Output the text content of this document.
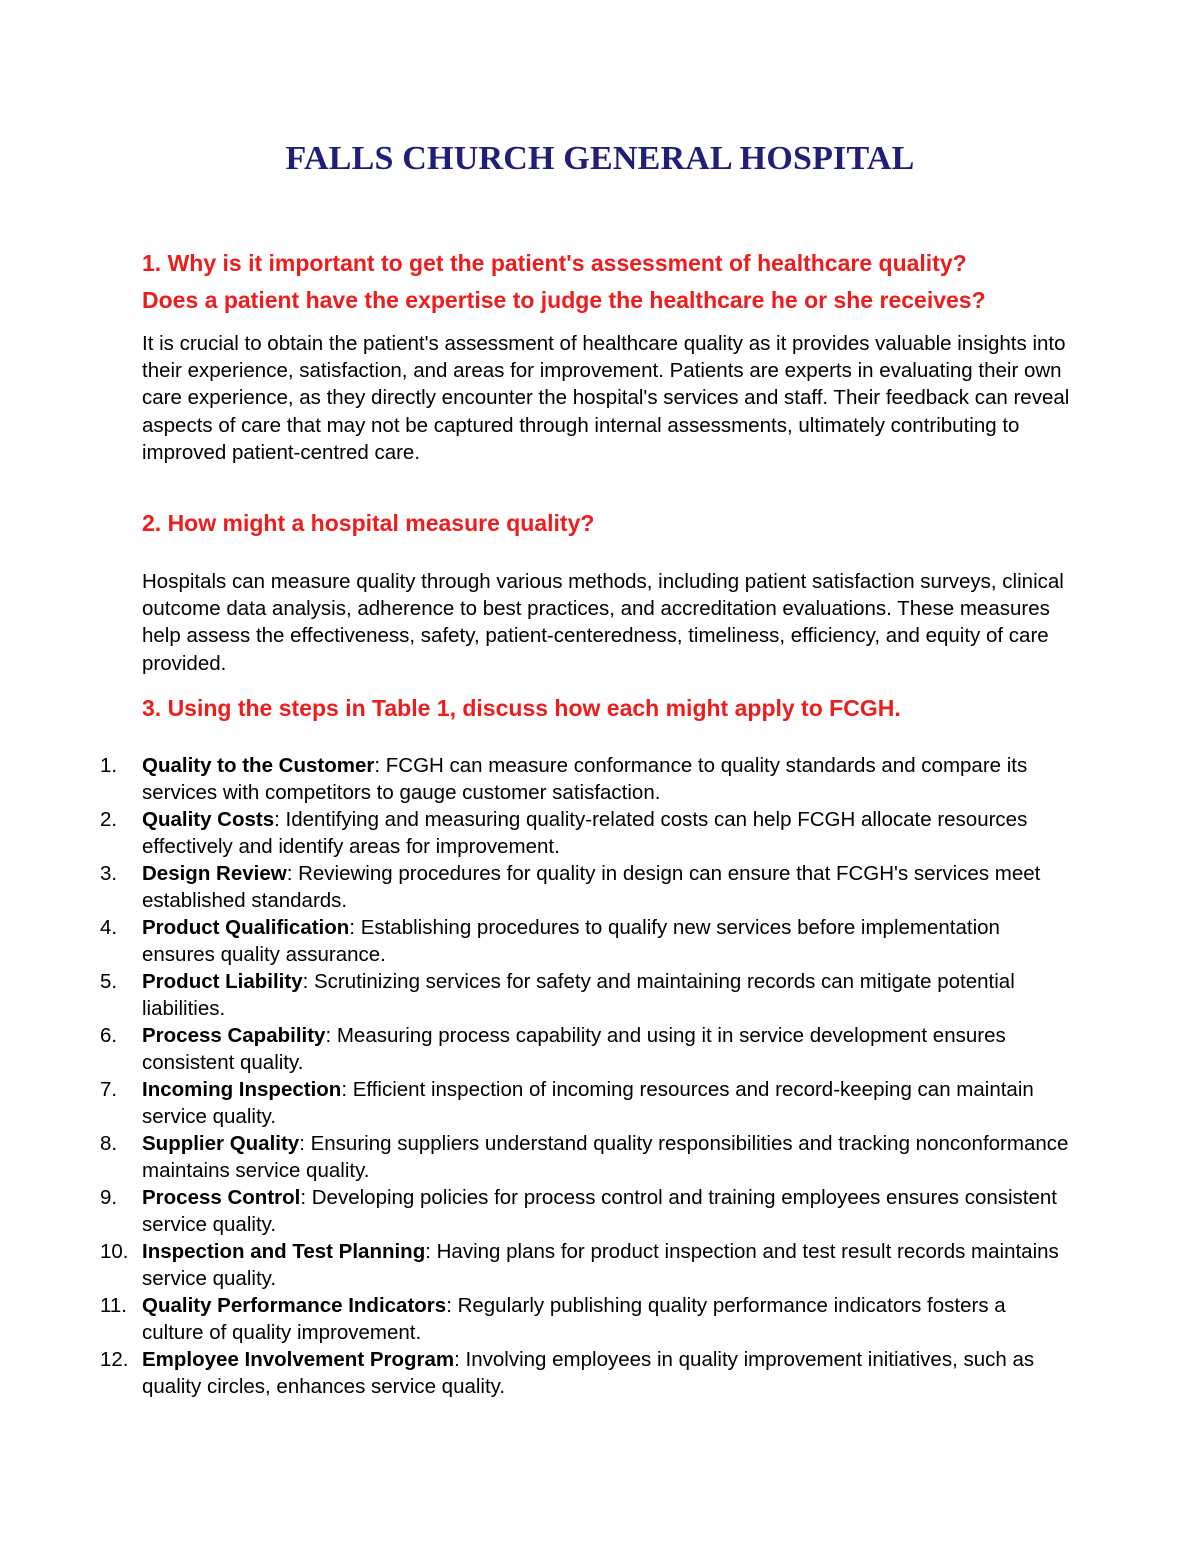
FALLS CHURCH GENERAL HOSPITAL
1. Why is it important to get the patient's assessment of healthcare quality?
Does a patient have the expertise to judge the healthcare he or she receives?

It is crucial to obtain the patient's assessment of healthcare quality as it provides valuable insights into their experience, satisfaction, and areas for improvement. Patients are experts in evaluating their own care experience, as they directly encounter the hospital's services and staff. Their feedback can reveal aspects of care that may not be captured through internal assessments, ultimately contributing to improved patient-centred care.

2. How might a hospital measure quality?

Hospitals can measure quality through various methods, including patient satisfaction surveys, clinical outcome data analysis, adherence to best practices, and accreditation evaluations. These measures help assess the effectiveness, safety, patient-centeredness, timeliness, efficiency, and equity of care provided.

3. Using the steps in Table 1, discuss how each might apply to FCGH.
1.	Quality to the Customer: FCGH can measure conformance to quality standards and compare its services with competitors to gauge customer satisfaction.
2.	Quality Costs: Identifying and measuring quality-related costs can help FCGH allocate resources effectively and identify areas for improvement.
3.	Design Review: Reviewing procedures for quality in design can ensure that FCGH's services meet established standards.
4.	Product Qualification: Establishing procedures to qualify new services before implementation ensures quality assurance.
5.	Product Liability: Scrutinizing services for safety and maintaining records can mitigate potential liabilities.
6.	Process Capability: Measuring process capability and using it in service development ensures consistent quality.
7.	Incoming Inspection: Efficient inspection of incoming resources and record-keeping can maintain service quality.
8.	Supplier Quality: Ensuring suppliers understand quality responsibilities and tracking nonconformance maintains service quality.
9.	Process Control: Developing policies for process control and training employees ensures consistent service quality.
10. Inspection and Test Planning: Having plans for product inspection and test result records maintains service quality.
11. Quality Performance Indicators: Regularly publishing quality performance indicators fosters a culture of quality improvement.
12. Employee Involvement Program: Involving employees in quality improvement initiatives, such as quality circles, enhances service quality.
